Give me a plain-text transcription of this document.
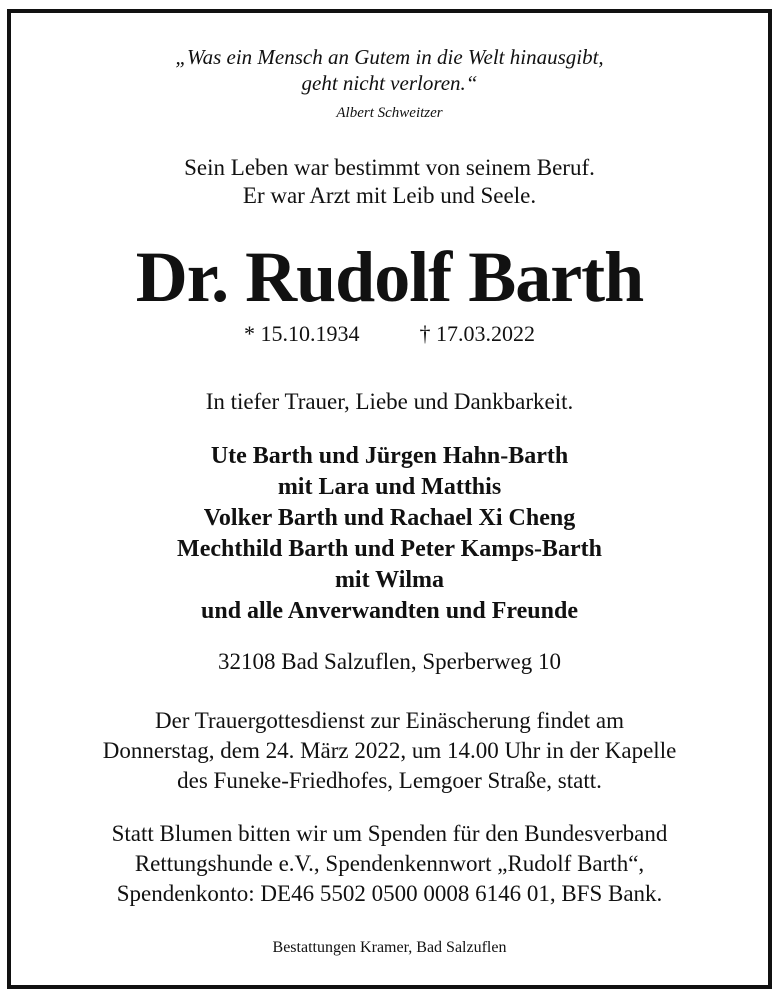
„Was ein Mensch an Gutem in die Welt hinausgibt,
geht nicht verloren.“
Albert Schweitzer
Sein Leben war bestimmt von seinem Beruf.
Er war Arzt mit Leib und Seele.
Dr. Rudolf Barth
* 15.10.1934	† 17.03.2022
In tiefer Trauer, Liebe und Dankbarkeit.
Ute Barth und Jürgen Hahn-Barth
mit Lara und Matthis
Volker Barth und Rachael Xi Cheng
Mechthild Barth und Peter Kamps-Barth
mit Wilma
und alle Anverwandten und Freunde
32108 Bad Salzuflen, Sperberweg 10
Der Trauergottesdienst zur Einäscherung findet am
Donnerstag, dem 24. März 2022, um 14.00 Uhr in der Kapelle
des Funeke-Friedhofes, Lemgoer Straße, statt.
Statt Blumen bitten wir um Spenden für den Bundesverband
Rettungshunde e.V., Spendenkennwort „Rudolf Barth“,
Spendenkonto: DE46 5502 0500 0008 6146 01, BFS Bank.
Bestattungen Kramer, Bad Salzuflen
